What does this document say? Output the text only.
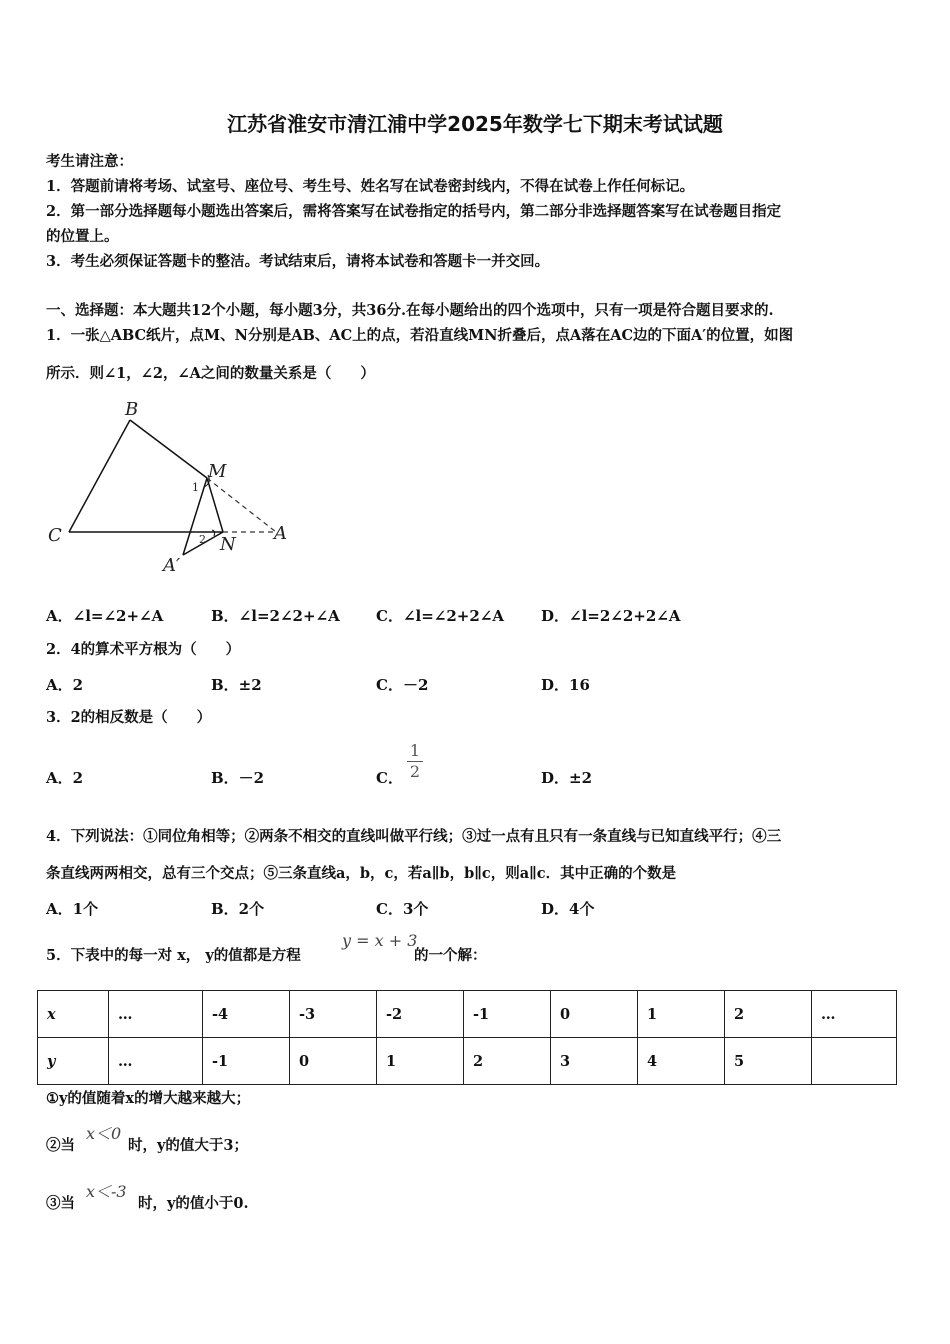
江苏省淮安市清江浦中学2025年数学七下期末考试试题
考生请注意：
1．答题前请将考场、试室号、座位号、考生号、姓名写在试卷密封线内，不得在试卷上作任何标记。
2．第一部分选择题每小题选出答案后，需将答案写在试卷指定的括号内，第二部分非选择题答案写在试卷题目指定
的位置上。
3．考生必须保证答题卡的整洁。考试结束后，请将本试卷和答题卡一并交回。
一、选择题：本大题共12个小题，每小题3分，共36分.在每小题给出的四个选项中，只有一项是符合题目要求的.
1．一张△ABC纸片，点M、N分别是AB、AC上的点，若沿直线MN折叠后，点A落在AC边的下面A′的位置，如图
所示．则∠1，∠2，∠A之间的数量关系是（　　）
B
M
C	A
N
A′
1
2
A．∠l=∠2+∠A	B．∠l=2∠2+∠A C．∠l=∠2+2∠A D．∠l=2∠2+2∠A
2．4的算术平方根为（　　）
A．2	B．±2	C．－2	D．16
3．2的相反数是（　　）
A．2	B．－2	C．
1
2	D．±2
4．下列说法：①同位角相等；②两条不相交的直线叫做平行线；③过一点有且只有一条直线与已知直线平行；④三
条直线两两相交，总有三个交点；⑤三条直线a，b，c，若a∥b，b∥c，则a∥c．其中正确的个数是
A．1个	B．2个	C．3个	D．4个
5．下表中的每一对 x， y的值都是方程
y = x + 3
的一个解：
x	…	-4	-3	-2	-1	0	1	2	…
y	…	-1	0	1	2	3	4	5	
①y的值随着x的增大越来越大；
②当
x＜0
时，y的值大于3；
③当
x＜-3
时，y的值小于0.
